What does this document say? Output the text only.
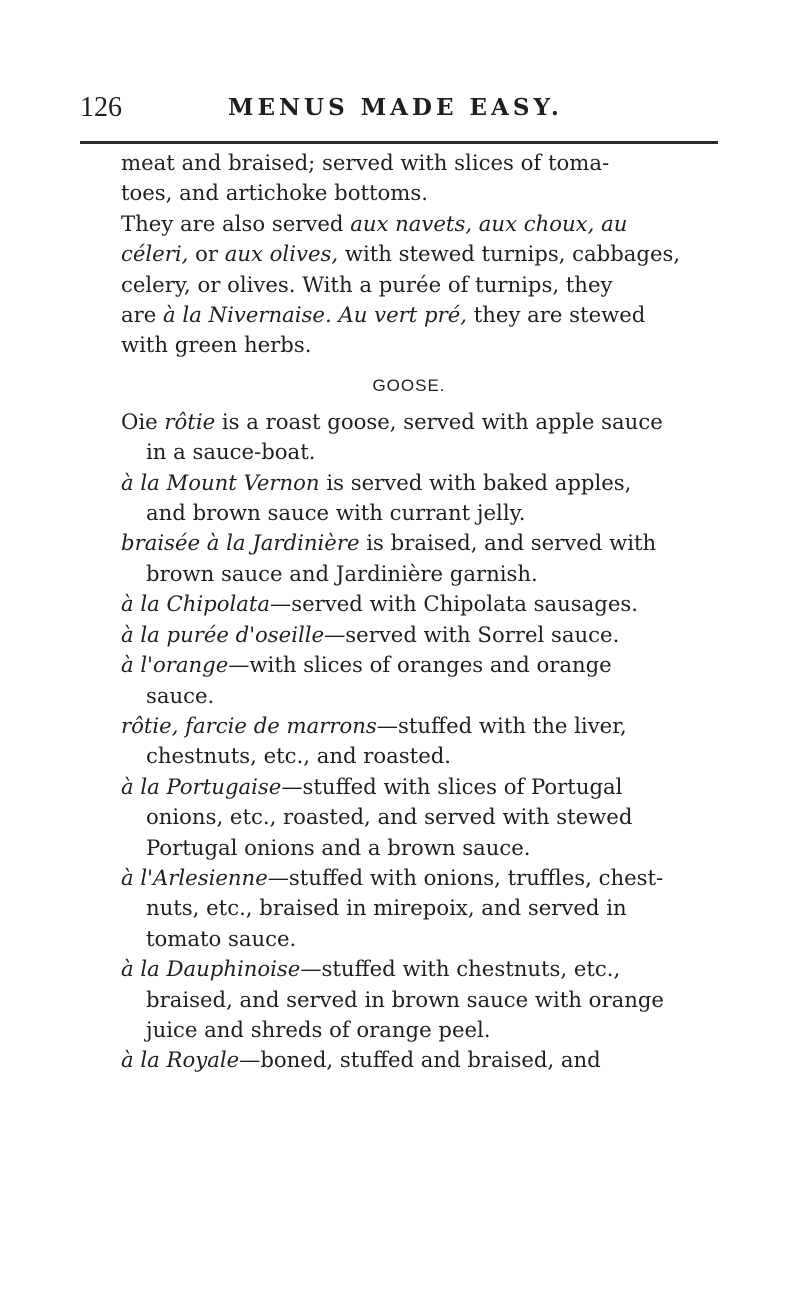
126	MENUS MADE EASY.
meat and braised; served with slices of toma-
toes, and artichoke bottoms.
They are also served aux navets, aux choux, au
céleri, or aux olives, with stewed turnips, cabbages,
celery, or olives. With a purée of turnips, they
are à la Nivernaise. Au vert pré, they are stewed
with green herbs.
GOOSE.
Oie rôtie is a roast goose, served with apple sauce
in a sauce-boat.
à la Mount Vernon is served with baked apples,
and brown sauce with currant jelly.
braisée à la Jardinière is braised, and served with
brown sauce and Jardinière garnish.
à la Chipolata—served with Chipolata sausages.
à la purée d'oseille—served with Sorrel sauce.
à l'orange—with slices of oranges and orange
sauce.
rôtie, farcie de marrons—stuffed with the liver,
chestnuts, etc., and roasted.
à la Portugaise—stuffed with slices of Portugal
onions, etc., roasted, and served with stewed
Portugal onions and a brown sauce.
à l'Arlesienne—stuffed with onions, truffles, chest-
nuts, etc., braised in mirepoix, and served in
tomato sauce.
à la Dauphinoise—stuffed with chestnuts, etc.,
braised, and served in brown sauce with orange
juice and shreds of orange peel.
à la Royale—boned, stuffed and braised, and
